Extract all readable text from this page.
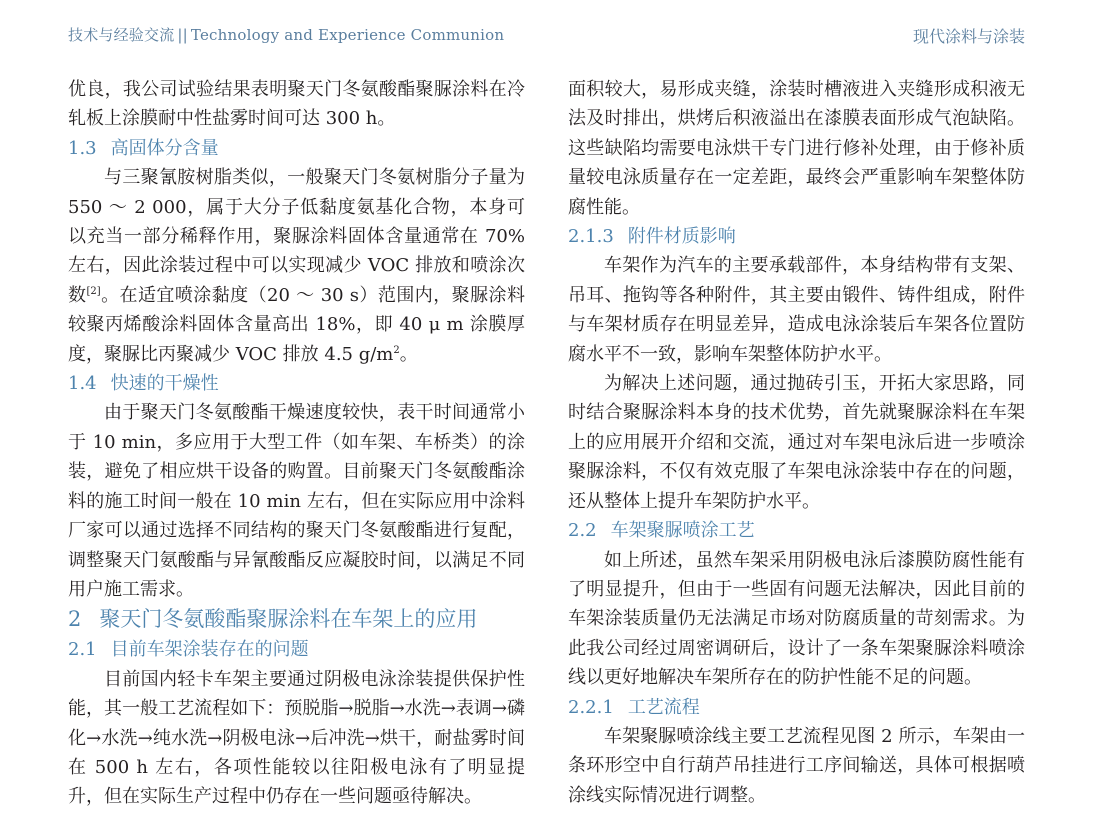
技术与经验交流 || Technology and Experience Communion	现代涂料与涂装

优良，我公司试验结果表明聚天门冬氨酸酯聚脲涂料在冷轧板上涂膜耐中性盐雾时间可达 300 h。

1.3 高固体分含量

与三聚氰胺树脂类似，一般聚天门冬氨树脂分子量为 550 ～ 2 000，属于大分子低黏度氨基化合物，本身可以充当一部分稀释作用，聚脲涂料固体含量通常在 70%左右，因此涂装过程中可以实现减少 VOC 排放和喷涂次数[2]。在适宜喷涂黏度（20 ～ 30 s）范围内，聚脲涂料较聚丙烯酸涂料固体含量高出 18%，即 40 μ m 涂膜厚度，聚脲比丙聚减少 VOC 排放 4.5 $g/m^2$。

1.4 快速的干燥性

由于聚天门冬氨酸酯干燥速度较快，表干时间通常小于 10 min，多应用于大型工件（如车架、车桥类）的涂装，避免了相应烘干设备的购置。目前聚天门冬氨酸酯涂料的施工时间一般在 10 min 左右，但在实际应用中涂料厂家可以通过选择不同结构的聚天门冬氨酸酯进行复配，调整聚天门氨酸酯与异氰酸酯反应凝胶时间，以满足不同用户施工需求。

2 聚天门冬氨酸酯聚脲涂料在车架上的应用

2.1 目前车架涂装存在的问题

目前国内轻卡车架主要通过阴极电泳涂装提供保护性能，其一般工艺流程如下：预脱脂→脱脂→水洗→表调→磷化→水洗→纯水洗→阴极电泳→后冲洗→烘干，耐盐雾时间在 500 h 左右，各项性能较以往阳极电泳有了明显提升，但在实际生产过程中仍存在一些问题亟待解决。

面积较大，易形成夹缝，涂装时槽液进入夹缝形成积液无法及时排出，烘烤后积液溢出在漆膜表面形成气泡缺陷。这些缺陷均需要电泳烘干专门进行修补处理，由于修补质量较电泳质量存在一定差距，最终会严重影响车架整体防腐性能。

2.1.3 附件材质影响

车架作为汽车的主要承载部件，本身结构带有支架、吊耳、拖钩等各种附件，其主要由锻件、铸件组成，附件与车架材质存在明显差异，造成电泳涂装后车架各位置防腐水平不一致，影响车架整体防护水平。

为解决上述问题，通过抛砖引玉，开拓大家思路，同时结合聚脲涂料本身的技术优势，首先就聚脲涂料在车架上的应用展开介绍和交流，通过对车架电泳后进一步喷涂聚脲涂料，不仅有效克服了车架电泳涂装中存在的问题，还从整体上提升车架防护水平。

2.2 车架聚脲喷涂工艺

如上所述，虽然车架采用阴极电泳后漆膜防腐性能有了明显提升，但由于一些固有问题无法解决，因此目前的车架涂装质量仍无法满足市场对防腐质量的苛刻需求。为此我公司经过周密调研后，设计了一条车架聚脲涂料喷涂线以更好地解决车架所存在的防护性能不足的问题。

2.2.1 工艺流程

车架聚脲喷涂线主要工艺流程见图 2 所示，车架由一条环形空中自行葫芦吊挂进行工序间输送，具体可根据喷涂线实际情况进行调整。
